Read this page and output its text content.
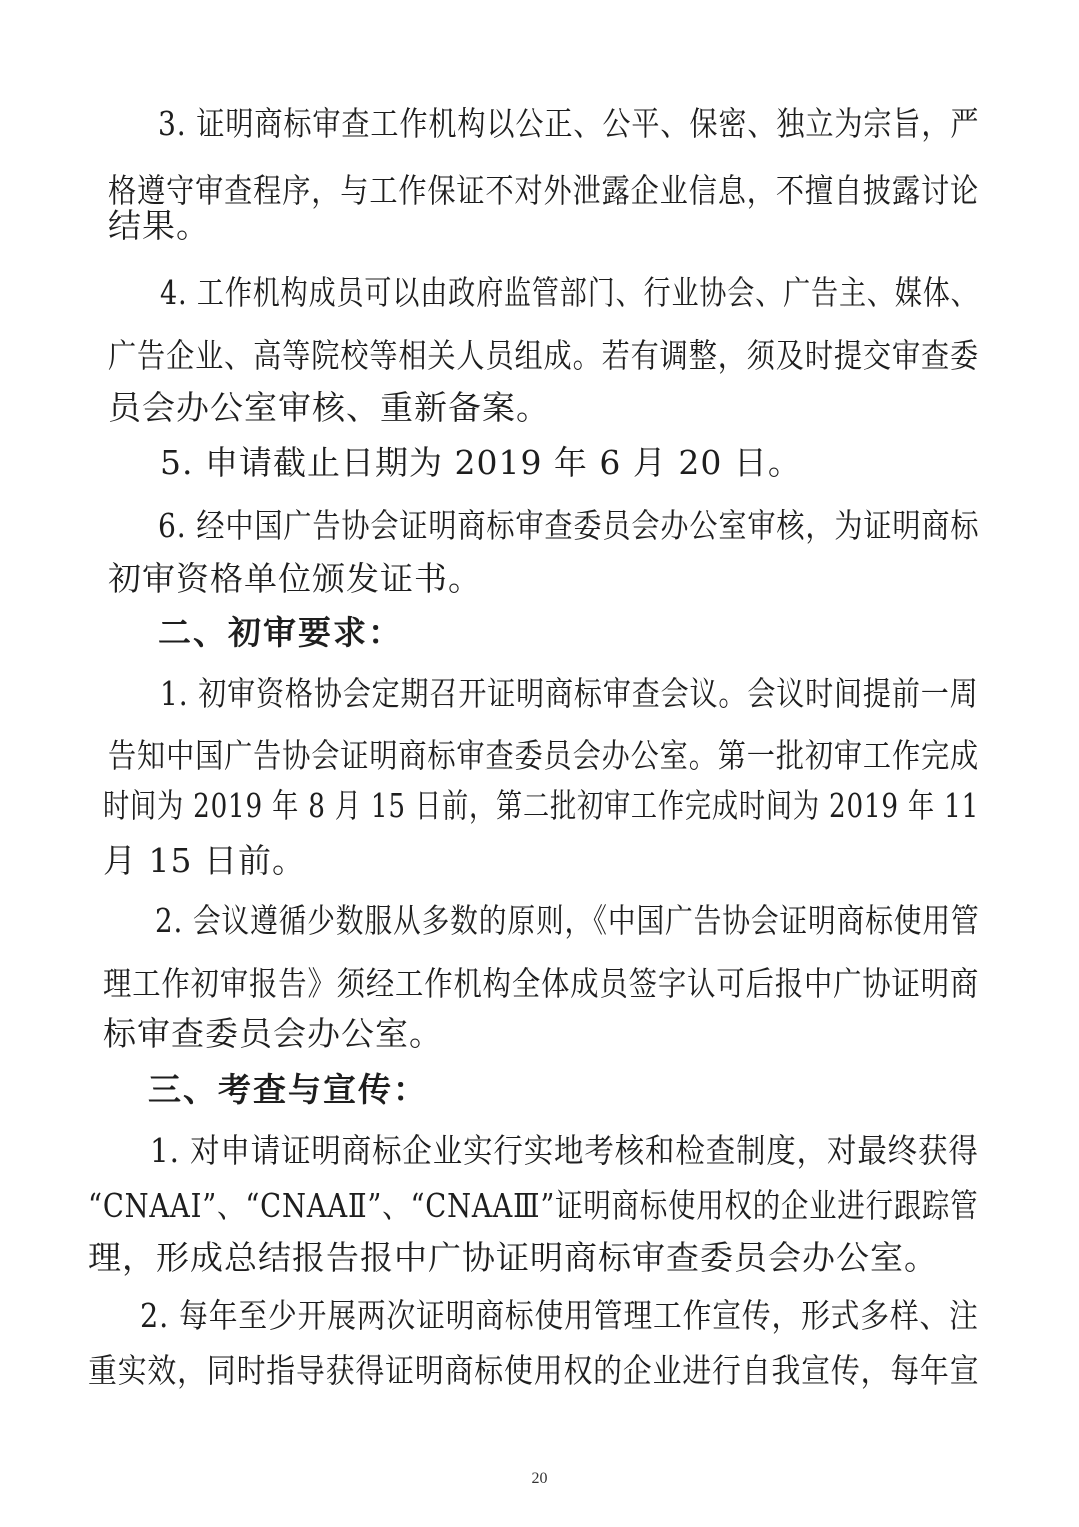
3. 证明商标审查工作机构以公正、公平、保密、独立为宗旨，严
格遵守审查程序，与工作保证不对外泄露企业信息，不擅自披露讨论
结果。
4. 工作机构成员可以由政府监管部门、行业协会、广告主、媒体、
广告企业、高等院校等相关人员组成。若有调整，须及时提交审查委
员会办公室审核、重新备案。
5. 申请截止日期为 2019 年 6 月 20 日。
6. 经中国广告协会证明商标审查委员会办公室审核，为证明商标
初审资格单位颁发证书。
二、初审要求：
1. 初审资格协会定期召开证明商标审查会议。会议时间提前一周
告知中国广告协会证明商标审查委员会办公室。第一批初审工作完成
时间为 2019 年 8 月 15 日前，第二批初审工作完成时间为 2019 年 11
月 15 日前。
2. 会议遵循少数服从多数的原则，《中国广告协会证明商标使用管
理工作初审报告》须经工作机构全体成员签字认可后报中广协证明商
标审查委员会办公室。
三、考查与宣传：
1. 对申请证明商标企业实行实地考核和检查制度，对最终获得
“CNAAⅠ”、“CNAAⅡ”、“CNAAⅢ”证明商标使用权的企业进行跟踪管
理，形成总结报告报中广协证明商标审查委员会办公室。
2. 每年至少开展两次证明商标使用管理工作宣传，形式多样、注
重实效，同时指导获得证明商标使用权的企业进行自我宣传，每年宣
20
